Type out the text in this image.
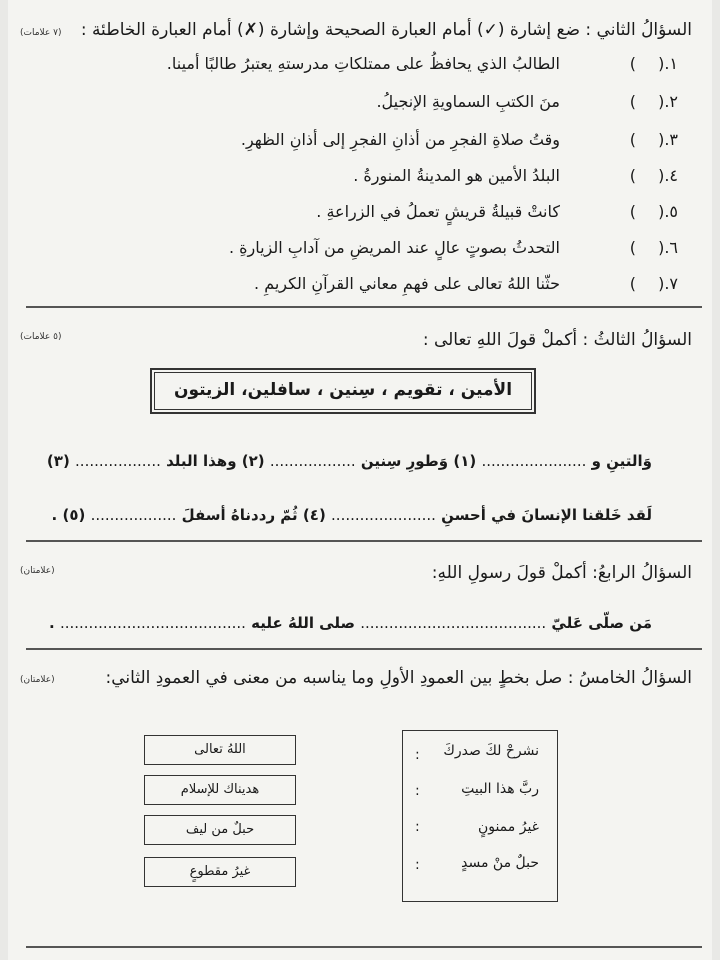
السؤالُ الثاني : ضع إشارة (✓) أمام العبارة الصحيحة وإشارة (✗) أمام العبارة الخاطئة :
(٧ علامات)
١.(
)
الطالبُ الذي يحافظُ على ممتلكاتِ مدرستهِ يعتبرُ طالبًا أمينا.
٢.(
)
منَ الكتبِ السماويةِ الإنجيلُ.
٣.(
)
وقتُ صلاةِ الفجرِ من أذانِ الفجرِ إلى أذانِ الظهرِ.
٤.(
)
البلدُ الأمين هو المدينةُ المنورةُ .
٥.(
)
كانتْ قبيلةُ قريشٍ تعملُ في الزراعةِ .
٦.(
)
التحدثُ بصوتٍ عالٍ عند المريضِ من آدابِ الزيارةِ .
٧.(
)
حثّنا اللهُ تعالى على فهمِ معاني القرآنِ الكريمِ .
السؤالُ الثالثُ : أكملْ قولَ اللهِ تعالى :
(٥ علامات)
الأمين ، تقويم ، سِنين ، سافلين، الزيتون
وَالتينِ و ...................... (١) وَطورِ سِنين .................. (٢) وهذا البلد .................. (٣)
لَقد خَلقنا الإنسانَ في أحسنِ ...................... (٤) ثُمّ رددناهُ أسفلَ .................. (٥) .
السؤالُ الرابعُ: أكملْ قولَ رسولِ اللهِ:
(علامتان)
مَن صلّى عَليّ ....................................... صلى اللهُ عليه ....................................... .
السؤالُ الخامسُ : صل بخطٍ بين العمودِ الأولِ وما يناسبه من معنى في العمودِ الثاني:
(علامتان)
نشرحْ لكَ صدركَ
:
ربَّ هذا البيتِ
:
غيرُ ممنونٍ
:
حبلٌ منْ مسدٍ
:
اللهُ تعالى
هديناك للإسلام
حبلٌ من ليف
غيرُ مقطوعٍ
